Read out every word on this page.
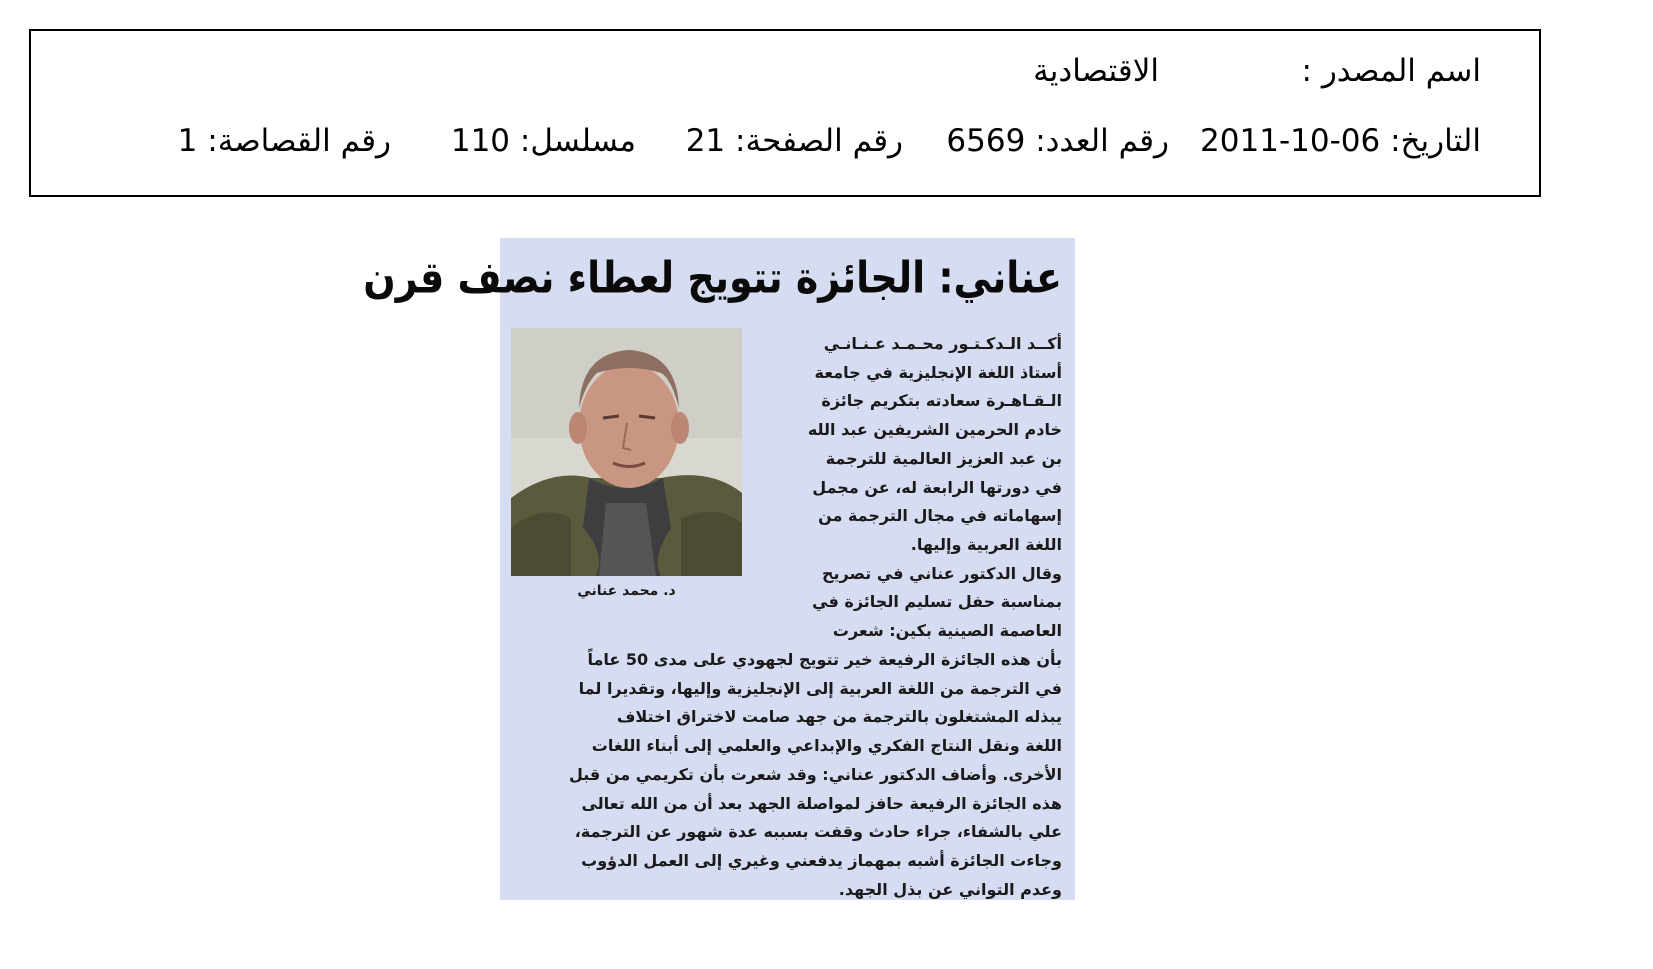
اسم المصدر :
الاقتصادية
التاريخ: 2011-10-06
رقم العدد: 6569
رقم الصفحة: 21
مسلسل: 110
رقم القصاصة: 1
عناني: الجائزة تتويج لعطاء نصف قرن
د. محمد عناني
أكــد الـدكـتـور محـمـد عـنـانـي
أستاذ اللغة الإنجليزية في جامعة
الـقـاهـرة سعادته بتكريم جائزة
خادم الحرمين الشريفين عبد الله
بن عبد العزيز العالمية للترجمة
في دورتها الرابعة له، عن مجمل
إسهاماته في مجال الترجمة من
اللغة العربية وإليها.
وقال الدكتور عناني في تصريح
بمناسبة حفل تسليم الجائزة في
العاصمة الصينية بكين: شعرت
بأن هذه الجائزة الرفيعة خير تتويج لجهودي على مدى 50 عاماً
في الترجمة من اللغة العربية إلى الإنجليزية وإليها، وتقديرا لما
يبذله المشتغلون بالترجمة من جهد صامت لاختراق اختلاف
اللغة ونقل النتاج الفكري والإبداعي والعلمي إلى أبناء اللغات
الأخرى. وأضاف الدكتور عناني: وقد شعرت بأن تكريمي من قبل
هذه الجائزة الرفيعة حافز لمواصلة الجهد بعد أن من الله تعالى
علي بالشفاء، جراء حادث وقفت بسببه عدة شهور عن الترجمة،
وجاءت الجائزة أشبه بمهماز يدفعني وغيري إلى العمل الدؤوب
وعدم التواني عن بذل الجهد.
